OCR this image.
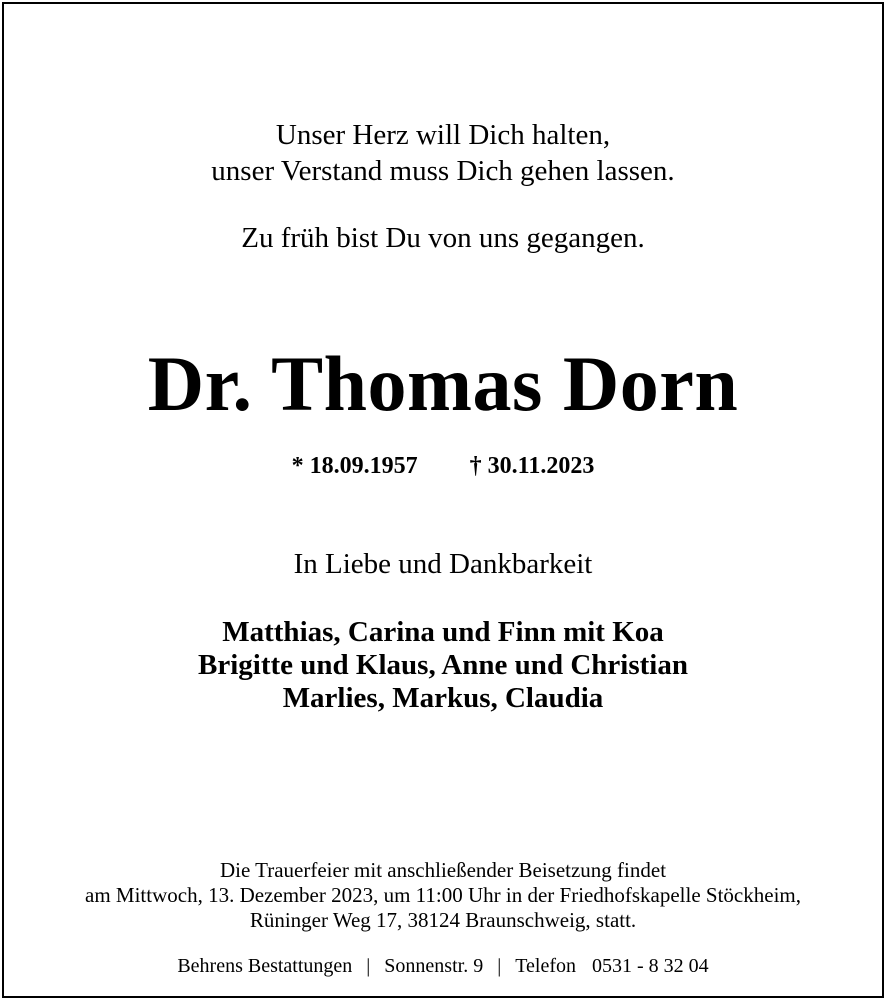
Unser Herz will Dich halten,
unser Verstand muss Dich gehen lassen.
Zu früh bist Du von uns gegangen.
Dr. Thomas Dorn
* 18.09.1957 † 30.11.2023
In Liebe und Dankbarkeit
Matthias, Carina und Finn mit Koa
Brigitte und Klaus, Anne und Christian
Marlies, Markus, Claudia
Die Trauerfeier mit anschließender Beisetzung findet
am Mittwoch, 13. Dezember 2023, um 11:00 Uhr in der Friedhofskapelle Stöckheim,
Rüninger Weg 17, 38124 Braunschweig, statt.
Behrens Bestattungen | Sonnenstr. 9 | Telefon 0531 - 8 32 04
